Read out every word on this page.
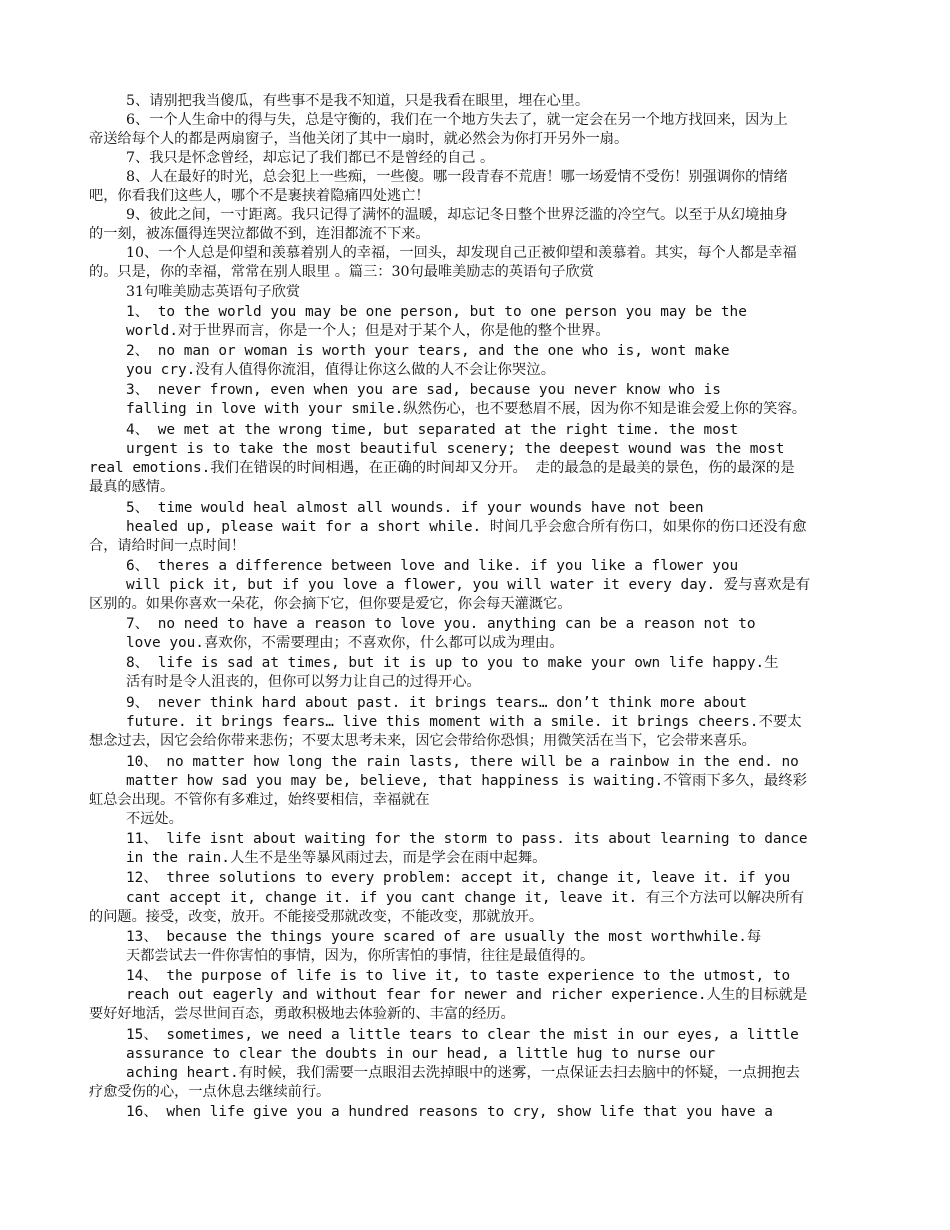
5、请别把我当傻瓜，有些事不是我不知道，只是我看在眼里，埋在心里。
6、一个人生命中的得与失，总是守衡的，我们在一个地方失去了，就一定会在另一个地方找回来，因为上
帝送给每个人的都是两扇窗子，当他关闭了其中一扇时，就必然会为你打开另外一扇。
7、我只是怀念曾经，却忘记了我们都已不是曾经的自己 。
8、人在最好的时光，总会犯上一些痴，一些傻。哪一段青春不荒唐！哪一场爱情不受伤！别强调你的情绪
吧，你看我们这些人，哪个不是裹挟着隐痛四处逃亡！
9、彼此之间，一寸距离。我只记得了满怀的温暖，却忘记冬日整个世界泛滥的冷空气。以至于从幻境抽身
的一刻，被冻僵得连哭泣都做不到，连泪都流不下来。
10、一个人总是仰望和羡慕着别人的幸福，一回头，却发现自己正被仰望和羡慕着。其实，每个人都是幸福
的。只是，你的幸福，常常在别人眼里 。篇三：30句最唯美励志的英语句子欣赏
31句唯美励志英语句子欣赏
1、 to the world you may be one person, but to one person you may be the
world.对于世界而言，你是一个人；但是对于某个人，你是他的整个世界。
2、 no man or woman is worth your tears, and the one who is, wont make
you cry.没有人值得你流泪，值得让你这么做的人不会让你哭泣。
3、 never frown, even when you are sad, because you never know who is
falling in love with your smile.纵然伤心，也不要愁眉不展，因为你不知是谁会爱上你的笑容。
4、 we met at the wrong time, but separated at the right time. the most
urgent is to take the most beautiful scenery; the deepest wound was the most
real emotions.我们在错误的时间相遇，在正确的时间却又分开。 走的最急的是最美的景色，伤的最深的是
最真的感情。
5、 time would heal almost all wounds. if your wounds have not been
healed up, please wait for a short while. 时间几乎会愈合所有伤口，如果你的伤口还没有愈
合，请给时间一点时间！
6、 theres a difference between love and like. if you like a flower you
will pick it, but if you love a flower, you will water it every day. 爱与喜欢是有
区别的。如果你喜欢一朵花，你会摘下它，但你要是爱它，你会每天灌溉它。
7、 no need to have a reason to love you. anything can be a reason not to
love you.喜欢你，不需要理由；不喜欢你，什么都可以成为理由。
8、 life is sad at times, but it is up to you to make your own life happy.生
活有时是令人沮丧的，但你可以努力让自己的过得开心。
9、 never think hard about past. it brings tears… don’t think more about
future. it brings fears… live this moment with a smile. it brings cheers.不要太
想念过去，因它会给你带来悲伤；不要太思考未来，因它会带给你恐惧；用微笑活在当下，它会带来喜乐。
10、 no matter how long the rain lasts, there will be a rainbow in the end. no
matter how sad you may be, believe, that happiness is waiting.不管雨下多久，最终彩
虹总会出现。不管你有多难过，始终要相信，幸福就在
不远处。
11、 life isnt about waiting for the storm to pass. its about learning to dance
in the rain.人生不是坐等暴风雨过去，而是学会在雨中起舞。
12、 three solutions to every problem: accept it, change it, leave it. if you
cant accept it, change it. if you cant change it, leave it. 有三个方法可以解决所有
的问题。接受，改变，放开。不能接受那就改变，不能改变，那就放开。
13、 because the things youre scared of are usually the most worthwhile.每
天都尝试去一件你害怕的事情，因为，你所害怕的事情，往往是最值得的。
14、 the purpose of life is to live it, to taste experience to the utmost, to
reach out eagerly and without fear for newer and richer experience.人生的目标就是
要好好地活，尝尽世间百态，勇敢积极地去体验新的、丰富的经历。
15、 sometimes, we need a little tears to clear the mist in our eyes, a little
assurance to clear the doubts in our head, a little hug to nurse our
aching heart.有时候，我们需要一点眼泪去洗掉眼中的迷雾，一点保证去扫去脑中的怀疑，一点拥抱去
疗愈受伤的心，一点休息去继续前行。
16、 when life give you a hundred reasons to cry, show life that you have a
